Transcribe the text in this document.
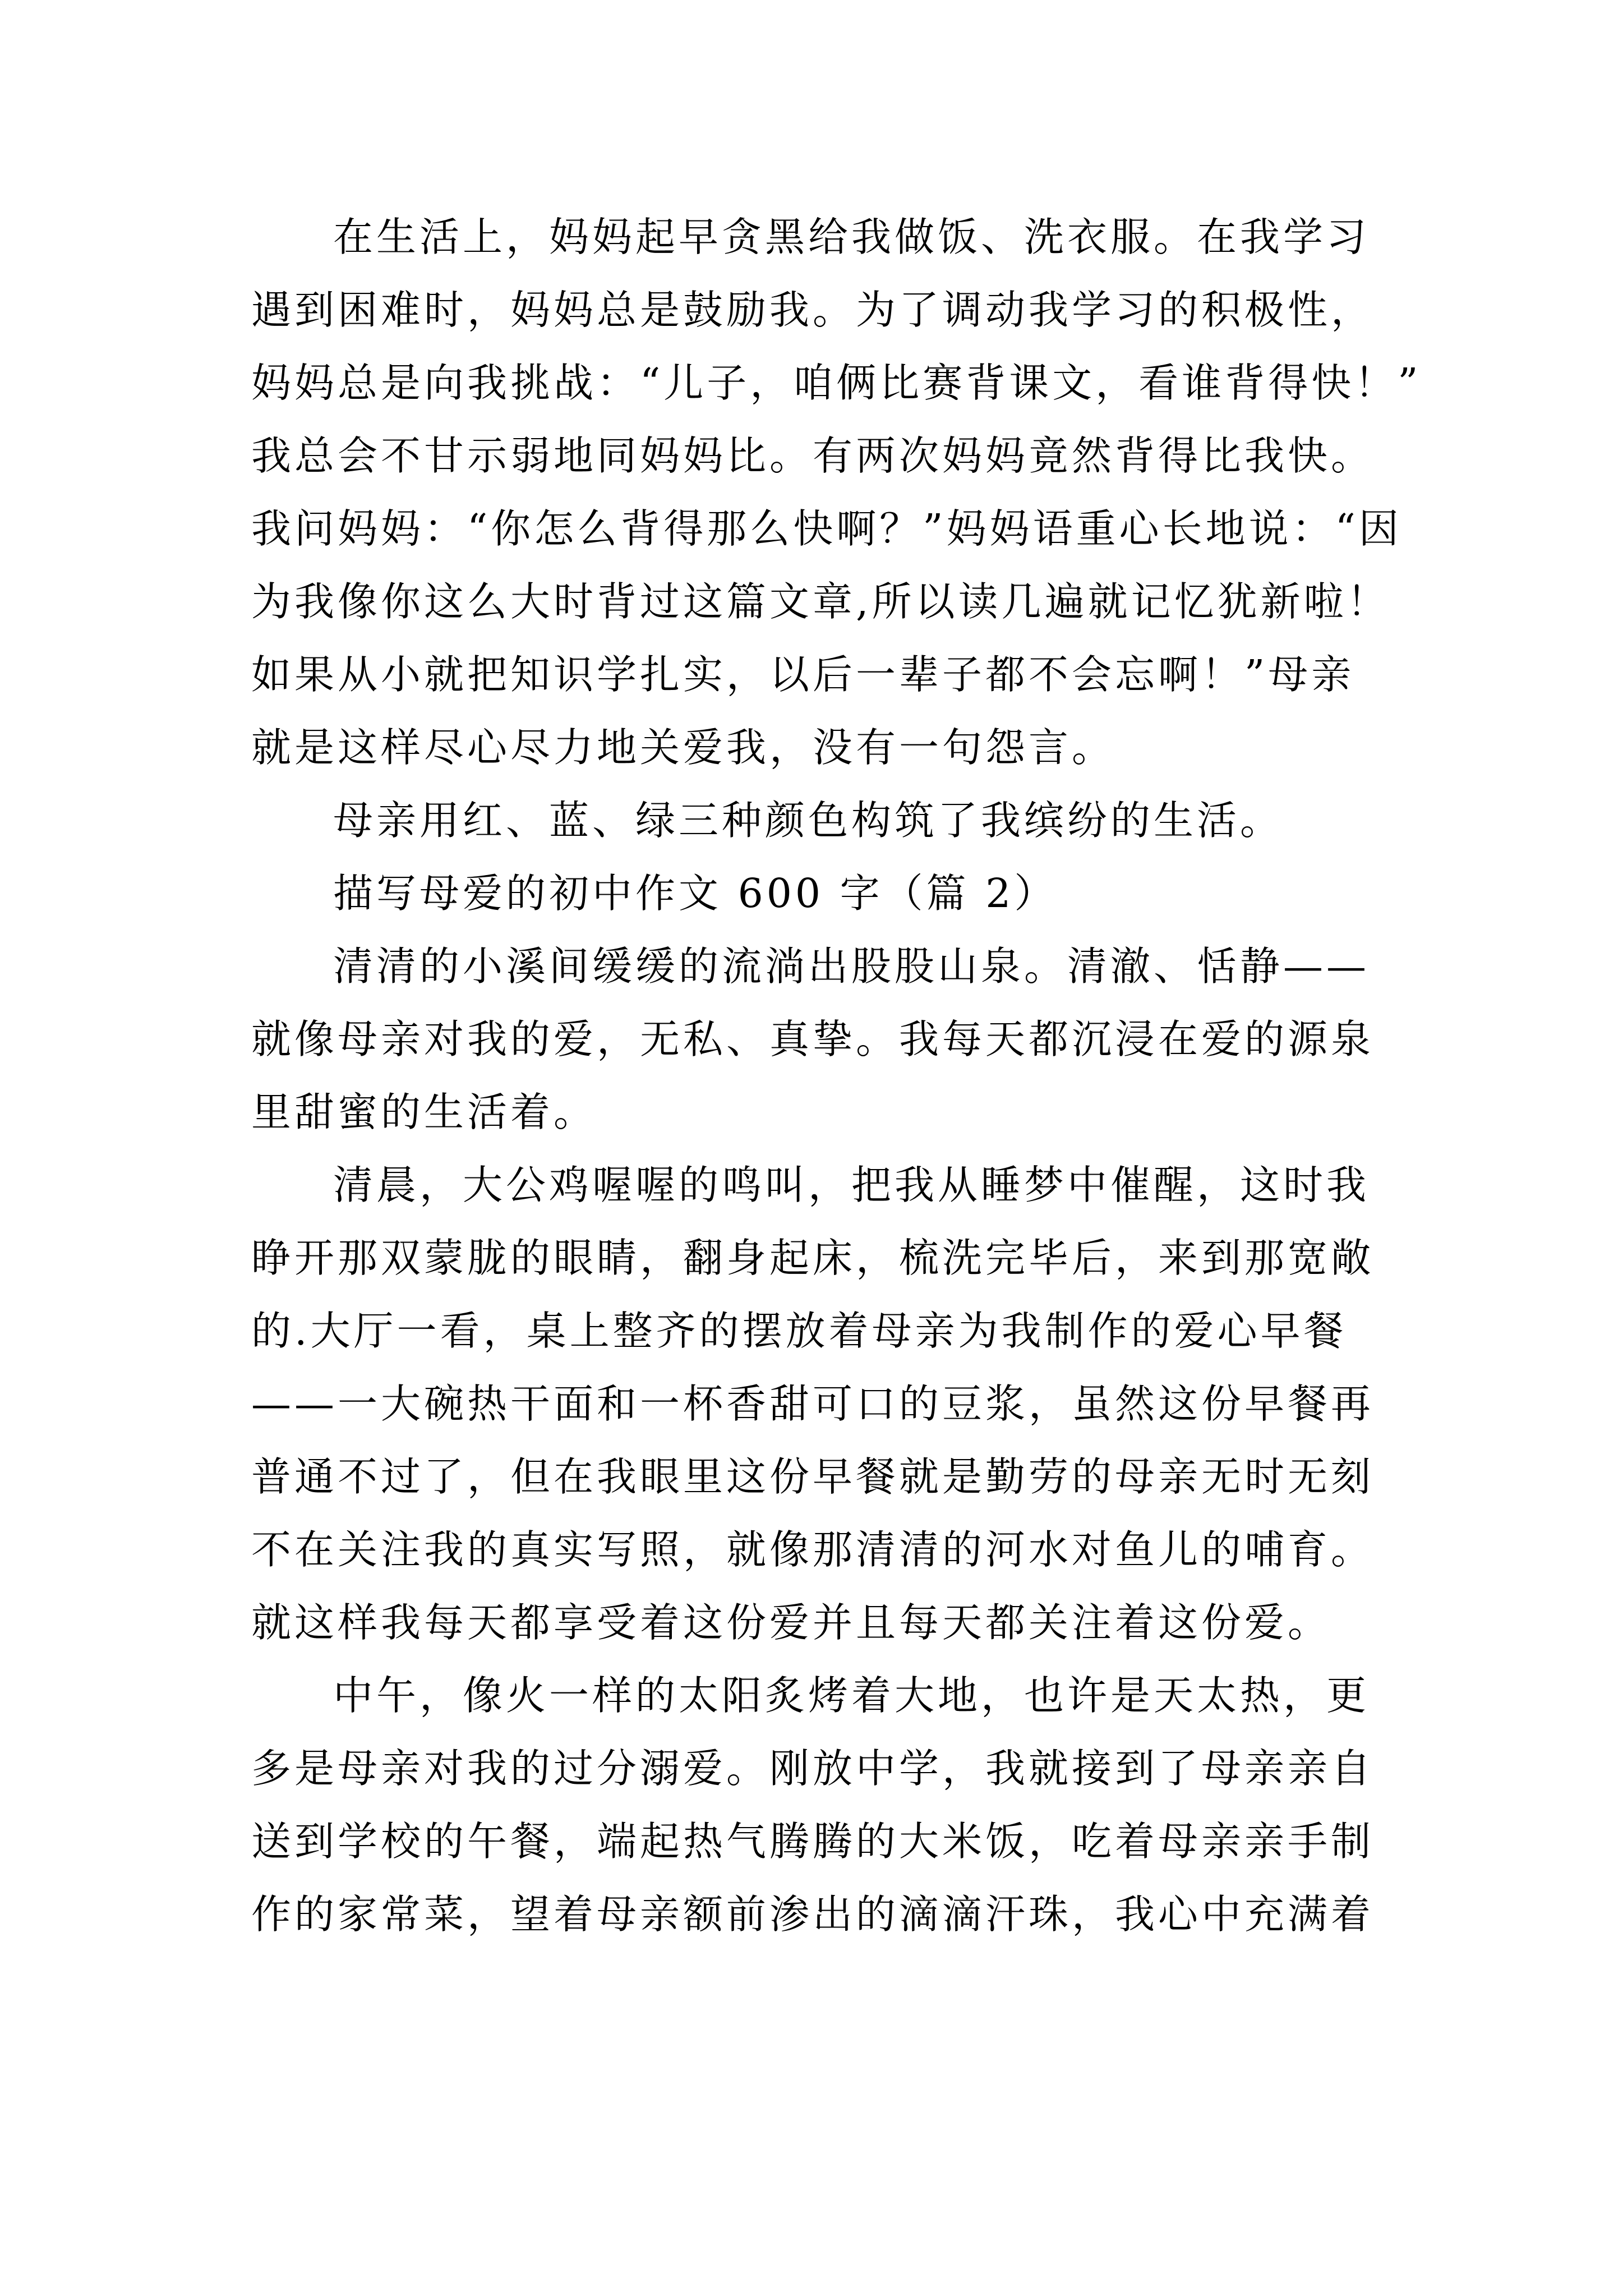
在生活上，妈妈起早贪黑给我做饭、洗衣服。在我学习
遇到困难时，妈妈总是鼓励我。为了调动我学习的积极性，
妈妈总是向我挑战：“儿子，咱俩比赛背课文，看谁背得快！”
我总会不甘示弱地同妈妈比。有两次妈妈竟然背得比我快。
我问妈妈：“你怎么背得那么快啊？”妈妈语重心长地说：“因
为我像你这么大时背过这篇文章,所以读几遍就记忆犹新啦！
如果从小就把知识学扎实，以后一辈子都不会忘啊！”母亲
就是这样尽心尽力地关爱我，没有一句怨言。
母亲用红、蓝、绿三种颜色构筑了我缤纷的生活。
描写母爱的初中作文 600 字（篇 2）
清清的小溪间缓缓的流淌出股股山泉。清澈、恬静——
就像母亲对我的爱，无私、真挚。我每天都沉浸在爱的源泉
里甜蜜的生活着。
清晨，大公鸡喔喔的鸣叫，把我从睡梦中催醒，这时我
睁开那双蒙胧的眼睛，翻身起床，梳洗完毕后，来到那宽敞
的.大厅一看，桌上整齐的摆放着母亲为我制作的爱心早餐
——一大碗热干面和一杯香甜可口的豆浆，虽然这份早餐再
普通不过了，但在我眼里这份早餐就是勤劳的母亲无时无刻
不在关注我的真实写照，就像那清清的河水对鱼儿的哺育。
就这样我每天都享受着这份爱并且每天都关注着这份爱。
中午，像火一样的太阳炙烤着大地，也许是天太热，更
多是母亲对我的过分溺爱。刚放中学，我就接到了母亲亲自
送到学校的午餐，端起热气腾腾的大米饭，吃着母亲亲手制
作的家常菜，望着母亲额前渗出的滴滴汗珠，我心中充满着
